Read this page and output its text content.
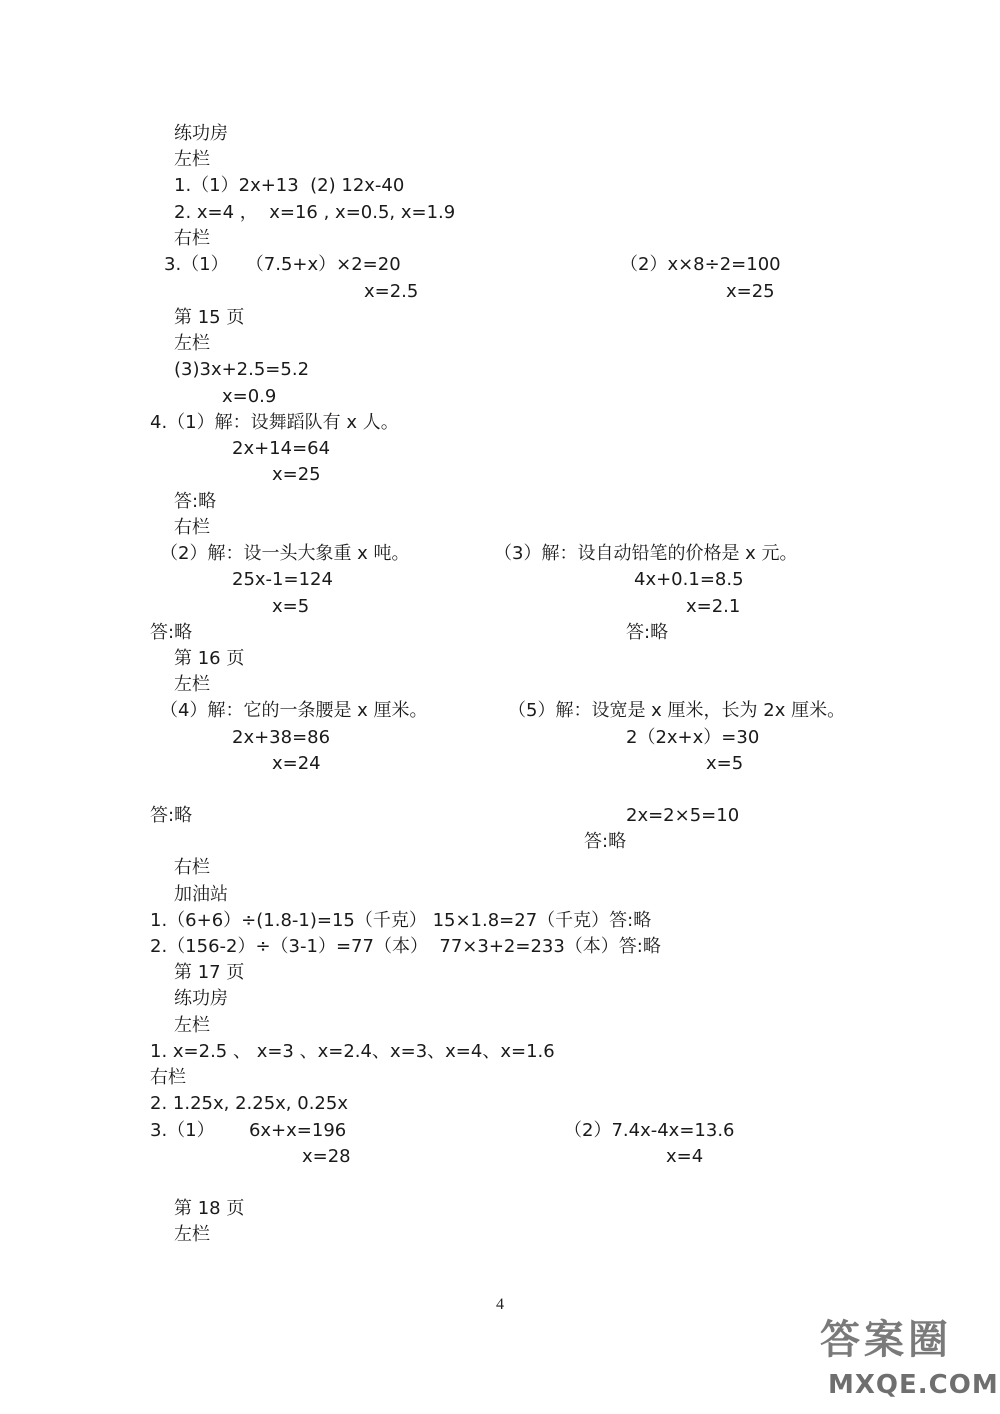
练功房
左栏
1.（1）2x+13  (2) 12x-40
2. x=4 ，  x=16 , x=0.5, x=1.9
右栏
3.（1）   （7.5+x）×2=20	（2）x×8÷2=100
x=2.5	x=25
第 15 页
左栏
(3)3x+2.5=5.2
x=0.9
4.（1）解：设舞蹈队有 x 人。
2x+14=64
x=25
答:略
右栏
（2）解：设一头大象重 x 吨。	（3）解：设自动铅笔的价格是 x 元。
25x-1=124	4x+0.1=8.5
x=5	x=2.1
答:略	答:略
第 16 页
左栏
（4）解：它的一条腰是 x 厘米。	（5）解：设宽是 x 厘米，长为 2x 厘米。
2x+38=86	2（2x+x）=30
x=24	x=5
答:略	2x=2×5=10
答:略
右栏
加油站
1.（6+6）÷(1.8-1)=15（千克） 15×1.8=27（千克）答:略
2.（156-2）÷（3-1）=77（本）  77×3+2=233（本）答:略
第 17 页
练功房
左栏
1. x=2.5 、 x=3 、x=2.4、x=3、x=4、x=1.6
右栏
2. 1.25x, 2.25x, 0.25x
3.（1）      6x+x=196	（2）7.4x-4x=13.6
x=28	x=4
第 18 页
左栏
4
答案圈
MXQE.COM
